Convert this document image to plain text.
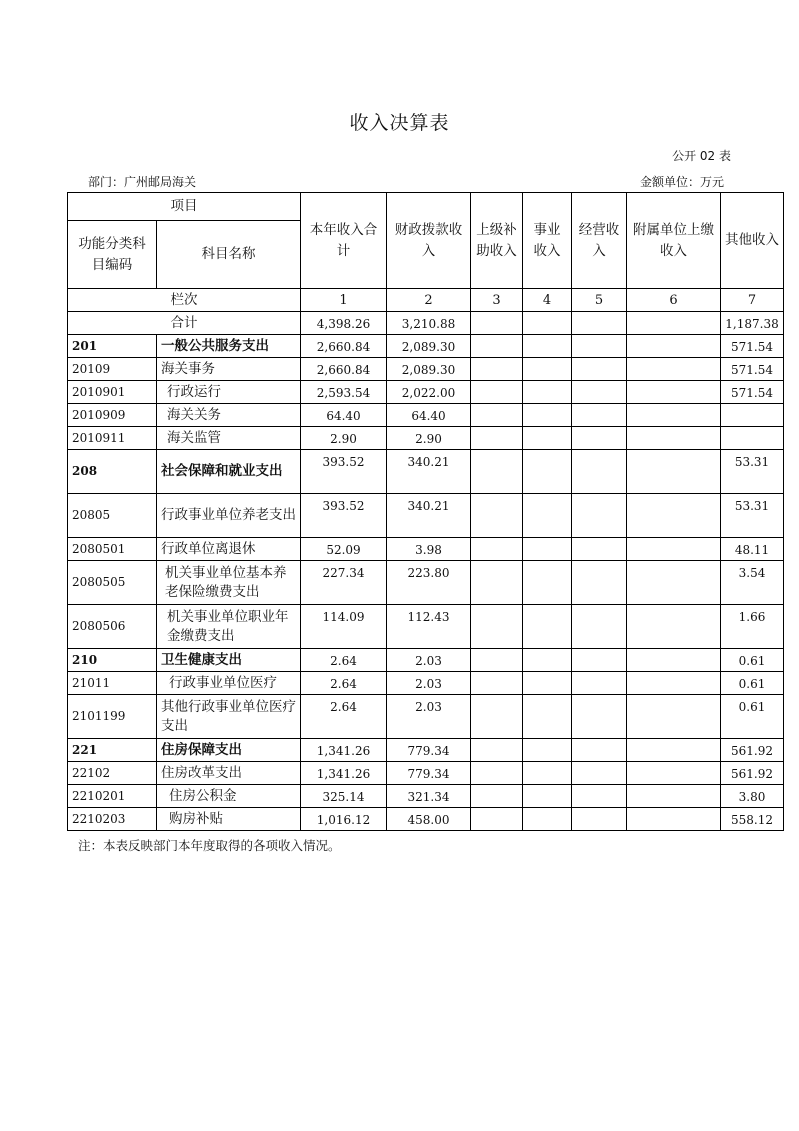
收入决算表
公开 02 表
部门：广州邮局海关	金额单位：万元
项目		本年收入合计	财政拨款收入	上级补助收入	事业收入	经营收入	附属单位上缴收入	其他收入
功能分类科目编码	科目名称							
栏次		1	2	3	4	5	6	7
合计		4,398.26	3,210.88					1,187.38
201	一般公共服务支出	2,660.84	2,089.30					571.54
20109	海关事务	2,660.84	2,089.30					571.54
2010901	行政运行	2,593.54	2,022.00					571.54
2010909	海关关务	64.40	64.40					
2010911	海关监管	2.90	2.90					
208	社会保障和就业支出	393.52	340.21					53.31
20805	行政事业单位养老支出	393.52	340.21					53.31
2080501	行政单位离退休	52.09	3.98					48.11
2080505	机关事业单位基本养老保险缴费支出	227.34	223.80					3.54
2080506	机关事业单位职业年金缴费支出	114.09	112.43					1.66
210	卫生健康支出	2.64	2.03					0.61
21011	行政事业单位医疗	2.64	2.03					0.61
2101199	其他行政事业单位医疗支出	2.64	2.03					0.61
221	住房保障支出	1,341.26	779.34					561.92
22102	住房改革支出	1,341.26	779.34					561.92
2210201	住房公积金	325.14	321.34					3.80
2210203	购房补贴	1,016.12	458.00					558.12
注：本表反映部门本年度取得的各项收入情况。
